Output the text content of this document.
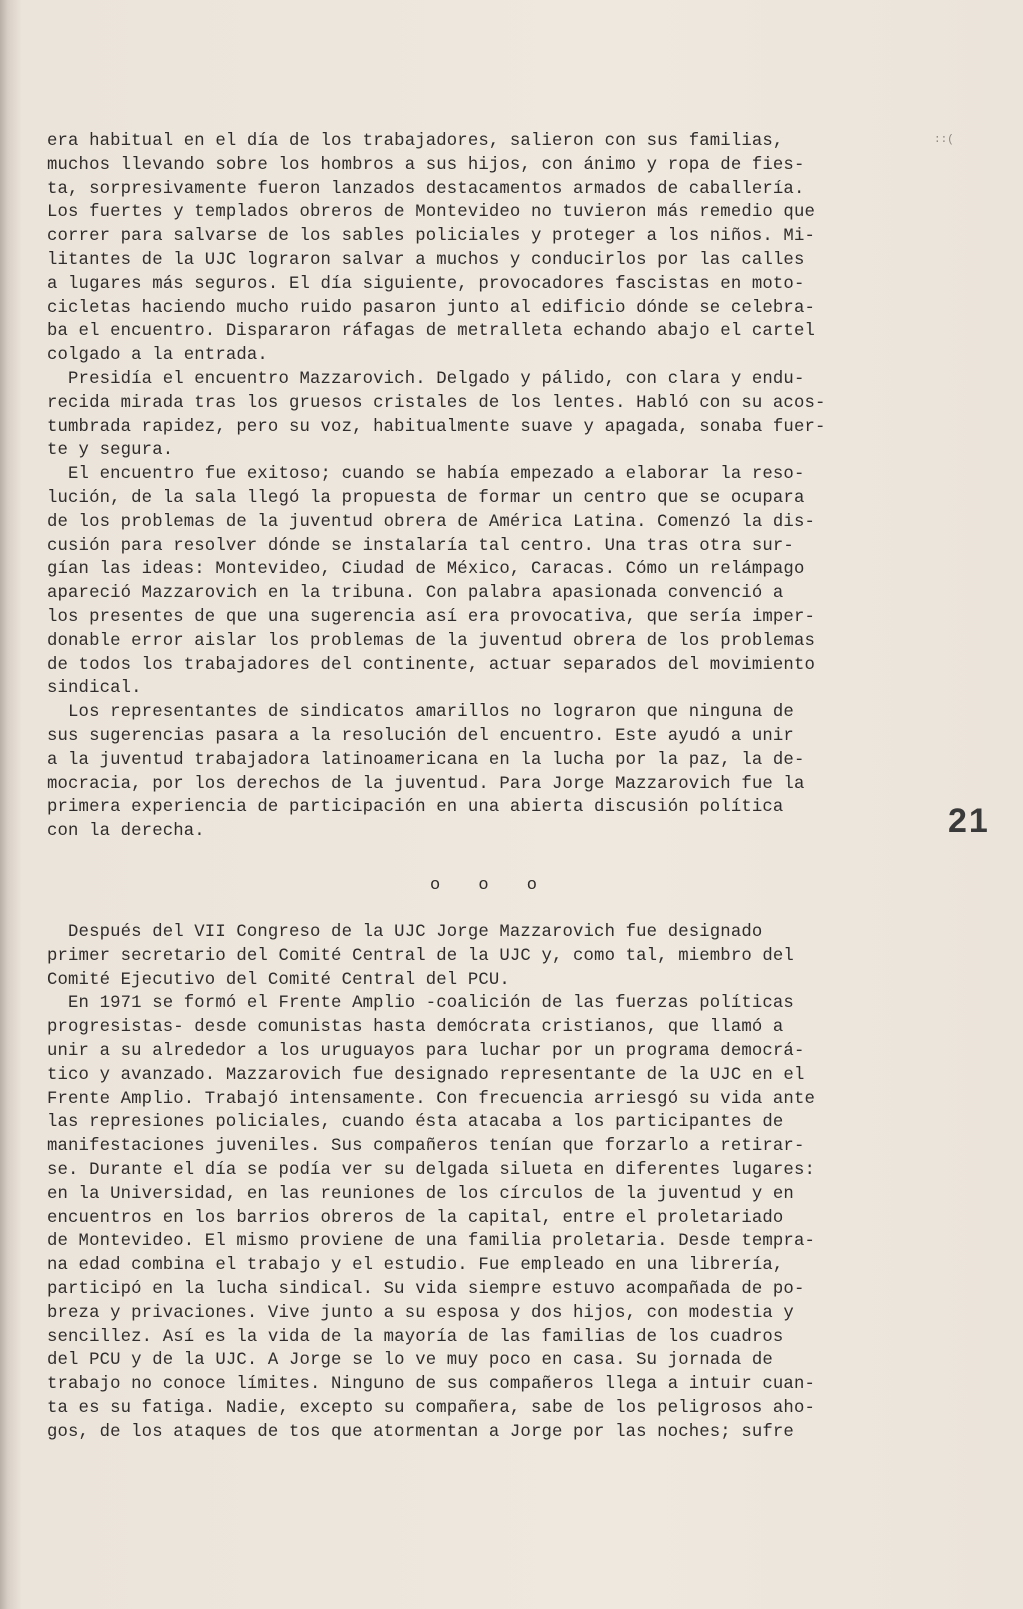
::(
era habitual en el día de los trabajadores, salieron con sus familias,
muchos llevando sobre los hombros a sus hijos, con ánimo y ropa de fies-
ta, sorpresivamente fueron lanzados destacamentos armados de caballería.
Los fuertes y templados obreros de Montevideo no tuvieron más remedio que
correr para salvarse de los sables policiales y proteger a los niños. Mi-
litantes de la UJC lograron salvar a muchos y conducirlos por las calles
a lugares más seguros. El día siguiente, provocadores fascistas en moto-
cicletas haciendo mucho ruido pasaron junto al edificio dónde se celebra-
ba el encuentro. Dispararon ráfagas de metralleta echando abajo el cartel
colgado a la entrada.
Presidía el encuentro Mazzarovich. Delgado y pálido, con clara y endu-
recida mirada tras los gruesos cristales de los lentes. Habló con su acos-
tumbrada rapidez, pero su voz, habitualmente suave y apagada, sonaba fuer-
te y segura.
El encuentro fue exitoso; cuando se había empezado a elaborar la reso-
lución, de la sala llegó la propuesta de formar un centro que se ocupara
de los problemas de la juventud obrera de América Latina. Comenzó la dis-
cusión para resolver dónde se instalaría tal centro. Una tras otra sur-
gían las ideas: Montevideo, Ciudad de México, Caracas. Cómo un relámpago
apareció Mazzarovich en la tribuna. Con palabra apasionada convenció a
los presentes de que una sugerencia así era provocativa, que sería imper-
donable error aislar los problemas de la juventud obrera de los problemas
de todos los trabajadores del continente, actuar separados del movimiento
sindical.
Los representantes de sindicatos amarillos no lograron que ninguna de
sus sugerencias pasara a la resolución del encuentro. Este ayudó a unir
a la juventud trabajadora latinoamericana en la lucha por la paz, la de-
mocracia, por los derechos de la juventud. Para Jorge Mazzarovich fue la
primera experiencia de participación en una abierta discusión política
con la derecha.
o o o
Después del VII Congreso de la UJC Jorge Mazzarovich fue designado
primer secretario del Comité Central de la UJC y, como tal, miembro del
Comité Ejecutivo del Comité Central del PCU.
En 1971 se formó el Frente Amplio -coalición de las fuerzas políticas
progresistas- desde comunistas hasta demócrata cristianos, que llamó a
unir a su alrededor a los uruguayos para luchar por un programa democrá-
tico y avanzado. Mazzarovich fue designado representante de la UJC en el
Frente Amplio. Trabajó intensamente. Con frecuencia arriesgó su vida ante
las represiones policiales, cuando ésta atacaba a los participantes de
manifestaciones juveniles. Sus compañeros tenían que forzarlo a retirar-
se. Durante el día se podía ver su delgada silueta en diferentes lugares:
en la Universidad, en las reuniones de los círculos de la juventud y en
encuentros en los barrios obreros de la capital, entre el proletariado
de Montevideo. El mismo proviene de una familia proletaria. Desde tempra-
na edad combina el trabajo y el estudio. Fue empleado en una librería,
participó en la lucha sindical. Su vida siempre estuvo acompañada de po-
breza y privaciones. Vive junto a su esposa y dos hijos, con modestia y
sencillez. Así es la vida de la mayoría de las familias de los cuadros
del PCU y de la UJC. A Jorge se lo ve muy poco en casa. Su jornada de
trabajo no conoce límites. Ninguno de sus compañeros llega a intuir cuan-
ta es su fatiga. Nadie, excepto su compañera, sabe de los peligrosos aho-
gos, de los ataques de tos que atormentan a Jorge por las noches; sufre
21
